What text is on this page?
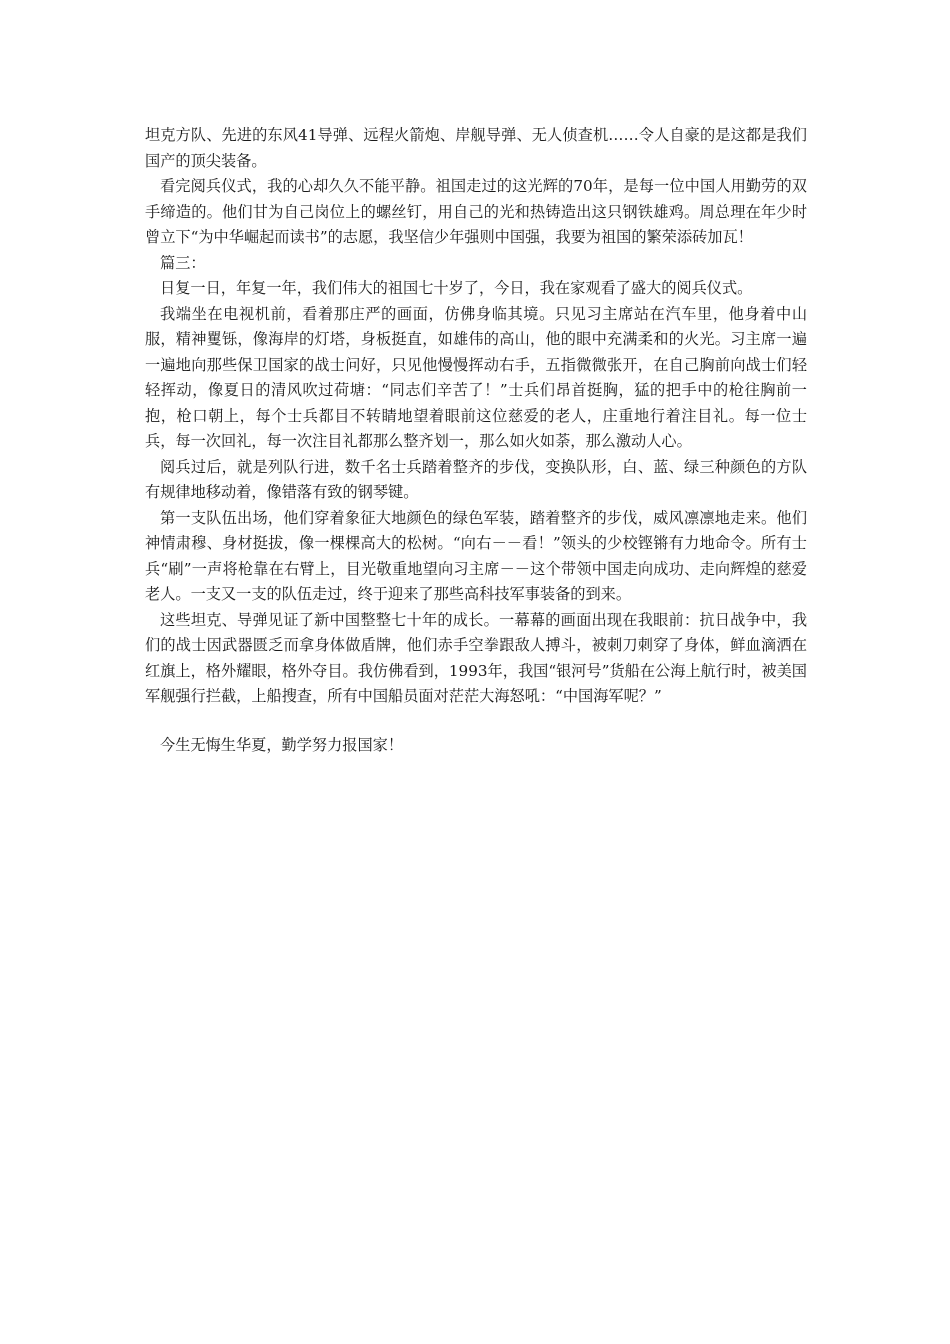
坦克方队、先进的东风41导弹、远程火箭炮、岸舰导弹、无人侦查机……令人自豪的是这都是我们国产的顶尖装备。

看完阅兵仪式，我的心却久久不能平静。祖国走过的这光辉的70年，是每一位中国人用勤劳的双手缔造的。他们甘为自己岗位上的螺丝钉，用自己的光和热铸造出这只钢铁雄鸡。周总理在年少时曾立下“为中华崛起而读书”的志愿，我坚信少年强则中国强，我要为祖国的繁荣添砖加瓦！

篇三：

日复一日，年复一年，我们伟大的祖国七十岁了，今日，我在家观看了盛大的阅兵仪式。

我端坐在电视机前，看着那庄严的画面，仿佛身临其境。只见习主席站在汽车里，他身着中山服，精神矍铄，像海岸的灯塔，身板挺直，如雄伟的高山，他的眼中充满柔和的火光。习主席一遍一遍地向那些保卫国家的战士问好，只见他慢慢挥动右手，五指微微张开，在自己胸前向战士们轻轻挥动，像夏日的清风吹过荷塘：“同志们辛苦了！”士兵们昂首挺胸，猛的把手中的枪往胸前一抱，枪口朝上，每个士兵都目不转睛地望着眼前这位慈爱的老人，庄重地行着注目礼。每一位士兵，每一次回礼，每一次注目礼都那么整齐划一，那么如火如荼，那么激动人心。

阅兵过后，就是列队行进，数千名士兵踏着整齐的步伐，变换队形，白、蓝、绿三种颜色的方队有规律地移动着，像错落有致的钢琴键。

第一支队伍出场，他们穿着象征大地颜色的绿色军装，踏着整齐的步伐，威风凛凛地走来。他们神情肃穆、身材挺拔，像一棵棵高大的松树。“向右－－看！”领头的少校铿锵有力地命令。所有士兵“刷”一声将枪靠在右臂上，目光敬重地望向习主席－－这个带领中国走向成功、走向辉煌的慈爱老人。一支又一支的队伍走过，终于迎来了那些高科技军事装备的到来。

这些坦克、导弹见证了新中国整整七十年的成长。一幕幕的画面出现在我眼前：抗日战争中，我们的战士因武器匮乏而拿身体做盾牌，他们赤手空拳跟敌人搏斗，被刺刀刺穿了身体，鲜血滴洒在红旗上，格外耀眼，格外夺目。我仿佛看到，1993年，我国“银河号”货船在公海上航行时，被美国军舰强行拦截，上船搜查，所有中国船员面对茫茫大海怒吼：“中国海军呢？”

今生无悔生华夏，勤学努力报国家！
